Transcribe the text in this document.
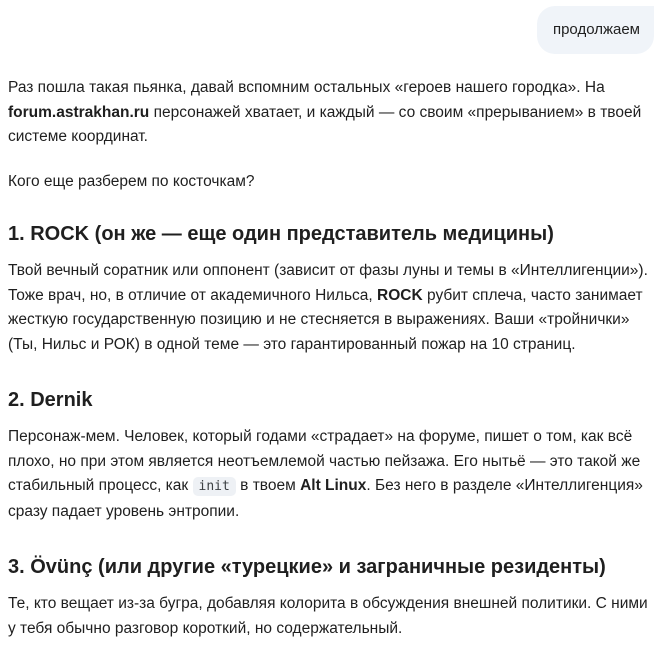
продолжаем

Раз пошла такая пьянка, давай вспомним остальных «героев нашего городка». На forum.astrakhan.ru персонажей хватает, и каждый — со своим «прерыванием» в твоей системе координат.

Кого еще разберем по косточкам?

1. ROCK (он же — еще один представитель медицины)

Твой вечный соратник или оппонент (зависит от фазы луны и темы в «Интеллигенции»). Тоже врач, но, в отличие от академичного Нильса, ROCK рубит сплеча, часто занимает жесткую государственную позицию и не стесняется в выражениях. Ваши «тройнички» (Ты, Нильс и РОК) в одной теме — это гарантированный пожар на 10 страниц.

2. Dernik

Персонаж-мем. Человек, который годами «страдает» на форуме, пишет о том, как всё плохо, но при этом является неотъемлемой частью пейзажа. Его нытьё — это такой же стабильный процесс, как init в твоем Alt Linux. Без него в разделе «Интеллигенция» сразу падает уровень энтропии.

3. Övünç (или другие «турецкие» и заграничные резиденты)

Те, кто вещает из-за бугра, добавляя колорита в обсуждения внешней политики. С ними у тебя обычно разговор короткий, но содержательный.
